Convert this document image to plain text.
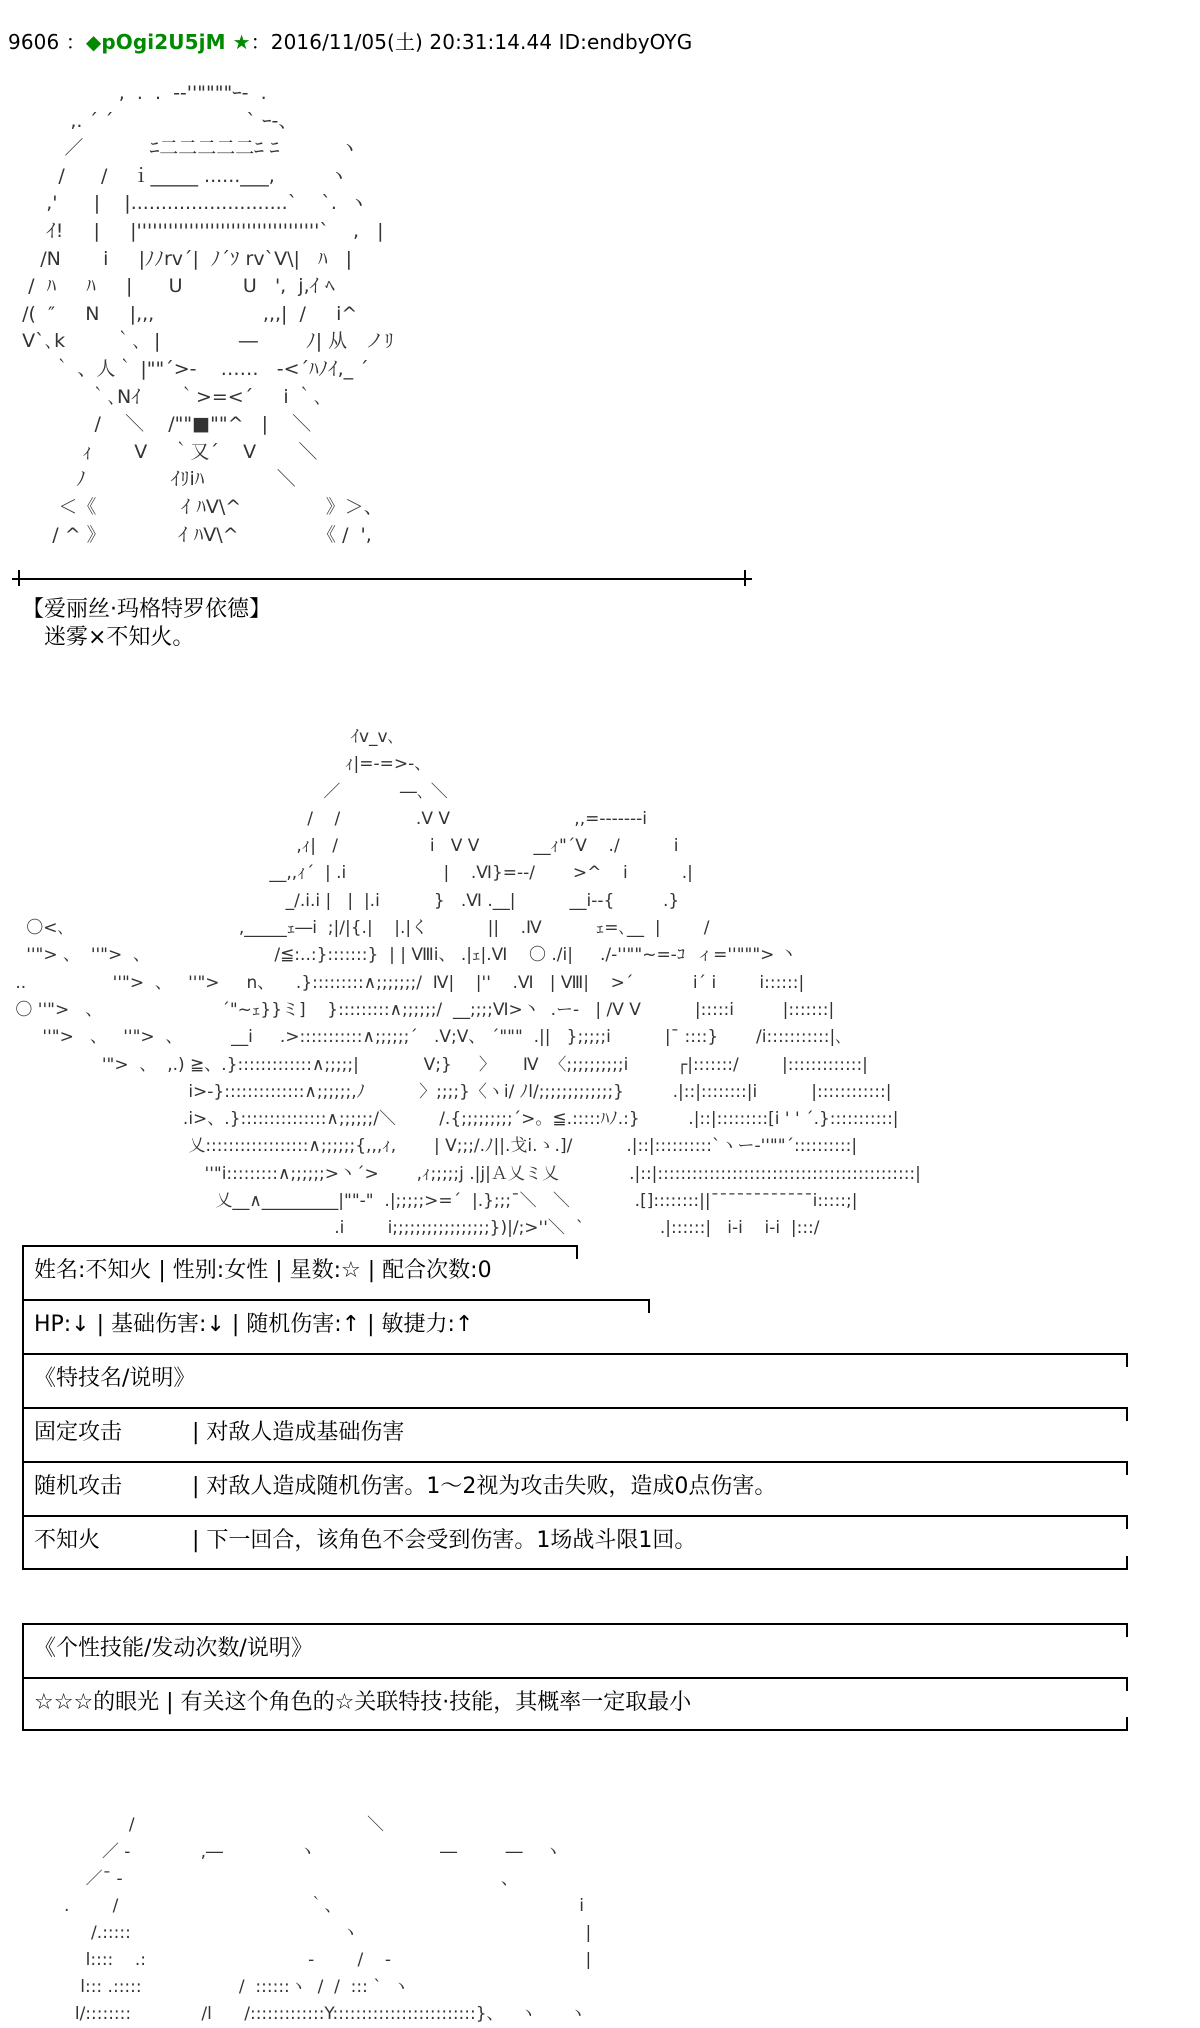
9606 ：◆pOgi2U5jM ★：2016/11/05(土) 20:31:14.44 ID:endbyOYG
,  .  .  -‐''""""ｰ-  .
,. ´ ´                      ` ｰ-、
／           ﾆ二二二二二ﾆ ﾆ          ヽ
/      /    ｉ_____ ......___,         ヽ
,'      |    |..........................`    `.  ヽ
ｲ!     |     |'''''''''''''''''''''''''''''''''''`    ,   |
/N       i     |ﾉﾉrv´|  ﾉ´ｿ rv`V\|   ﾊ   |
/  ﾊ     ﾊ     |      U          U   ',  j,ｲ ﾍ
/(  ″     N     |,,,                  ,,,|  /     i^
V`､k        ｀､  |             ―        ﾉ| 从   ノﾘ
｀ 、人｀ |""´>-    ……   -<´ﾊﾉｲ,_ ´
｀､Nｲ      ｀>=<´     i ｀､
/    ＼    /""■""^   |    ＼
ｨ       V    ｀又´    V       ＼
ﾉ              ｲﾘiﾊ            ＼
＜《              ｲ ﾊV\^              》＞、
/ ^ 》            ｲ ﾊV\^             《 /  ',
【爱丽丝·玛格特罗依德】
迷雾×不知火。
ｲv_v､
ｨ|=-=>-、
／           ―､ ＼
/    /              .V V                       ,,=-------i
,ｨ|   /                 i   V V          __ｨ"´V    ./          i
__,,ｨ´  | .i                  |    .Ⅵ}=-‐/       >^    i          .|
_/.i.i |   |  |.i          }   .Ⅵ .__|          __i--{         .}
〇<､                                ,_____ｪ―i  ;|/|{.|    |.|く           ||    .Ⅳ          ｪ=､__  |        /
''"> 、  ''">  、                       /≦:..:}:::::::}  | | Ⅷi、 .|ｪ|.Ⅵ    〇 ./i|     ./-''""~=-ｺ  ィ=''"""> 丶
..                ''">  、   ''">     n、    .}:::::::::∧;;;;;;;/  Ⅳ|    |''    .Ⅵ   | Ⅷ|    >´           i´ i        i::::::|
〇 ''">   、                      ´"~ｪ}}ミ]    }:::::::::∧;;;;;;/  __;;;;Ⅵ>丶  .ー-   | /V V          |:::::i         |:::::::|
''">   、   ''">  、         __i     .>:::::::::::∧;;;;;;´   .V;V、 ´"""  .||   };;;;;i          |¯ ::::}       /i:::::::::::|､
'">  、  ,.) ≧、.}:::::::::::::∧;;;;;|            V;}     〉     Ⅳ  〈;;;;;;;;;;i         ┌|:::::::/        |:::::::::::::|
i>-}::::::::::::::∧;;;;;;,ﾉ          〉;;;;}〈ヽi/ ﾉl/;;;;;;;;;;;;;}         .|::|::::::::|i          |::::::::::::|
.i>、.}:::::::::::::::∧;;;;;;/＼        /.{;;;;;;;;;´>。≦.:::::ﾊﾉ.:}         .|::|:::::::::[i ' ' ´.}:::::::::::|
乂::::::::::::::::::∧;;;;;;{,,,ｨ,       | V;;;/.ﾉ||.戈i.ゝ.]/          .|::|::::::::::`ヽー-''""´::::::::::|
''"i:::::::::∧;;;;;;>丶´>       ,ｨ;;;;;j .|j|Ａ乂ミ乂             .|::|:::::::::::::::::::::::::::::::::::::::::::::|
乂__∧_________|""-"  .|;;;;;>=´  |.};;;¯＼   ＼            .[]::::::::||¯¯¯¯¯¯¯¯¯¯¯¯i:::::;|
.i        i;;;;;;;;;;;;;;;;;})|/;>''＼  `              .|::::::|   i-i    i-i  |:::/
姓名:不知火 | 性别:女性 | 星数:☆ | 配合次数:0
HP:↓ | 基础伤害:↓ | 随机伤害:↑ | 敏捷力:↑
《特技名/说明》
固定攻击	| 对敌人造成基础伤害
随机攻击	| 对敌人造成随机伤害。1～2视为攻击失败，造成0点伤害。
不知火	| 下一回合，该角色不会受到伤害。1场战斗限1回。
《个性技能/发动次数/说明》
☆☆☆的眼光 | 有关这个角色的☆关联特技·技能，其概率一定取最小
/                                           ＼
／ -             ,―              ヽ                       ―         ―    ヽ
／¯ -                                                                      、
.        /                                   ｀、                                            i
/.:::::                                       ヽ                                          |
l::::    .:                              -        /    -                                    |
l::: .:::::                  /  ::::::ヽ  /  /  ::: `  ヽ
l/::::::::             /l      /:::::::::::::Y:::::::::::::::::::::::::}、   ヽ      ヽ
